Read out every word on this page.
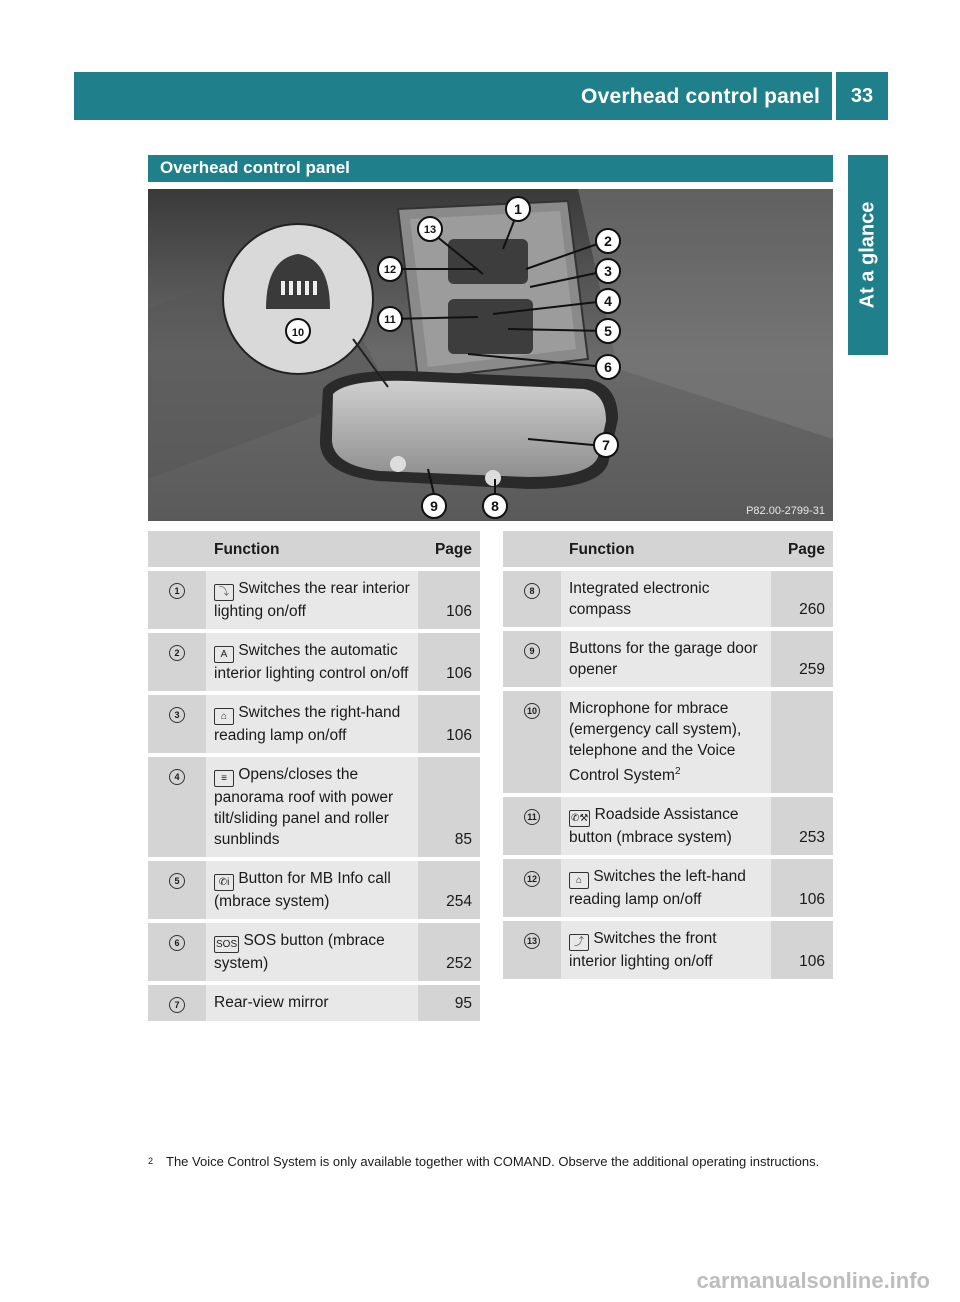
Overhead control panel	33
At a glance
Overhead control panel
1
2
3
4
5
6
7
8
9
10
11
12
13
P82.00-2799-31
	Function	Page
1	⤵ Switches the rear interior lighting on/off	106
2	A Switches the automatic interior lighting control on/off	106
3	⌂ Switches the right-hand reading lamp on/off	106
4	≡ Opens/closes the panorama roof with power tilt/sliding panel and roller sunblinds	85
5	✆i Button for MB Info call (mbrace system)	254
6	SOS SOS button (mbrace system)	252
7	Rear-view mirror	95
	Function	Page
8	Integrated electronic compass	260
9	Buttons for the garage door opener	259
10	Microphone for mbrace (emergency call system), telephone and the Voice Control System$^2$	
11	✆⚒ Roadside Assistance button (mbrace system)	253
12	⌂ Switches the left-hand reading lamp on/off	106
13	⤴ Switches the front interior lighting on/off	106
$^2$ The Voice Control System is only available together with COMAND. Observe the additional operating instructions.
carmanualsonline.info
